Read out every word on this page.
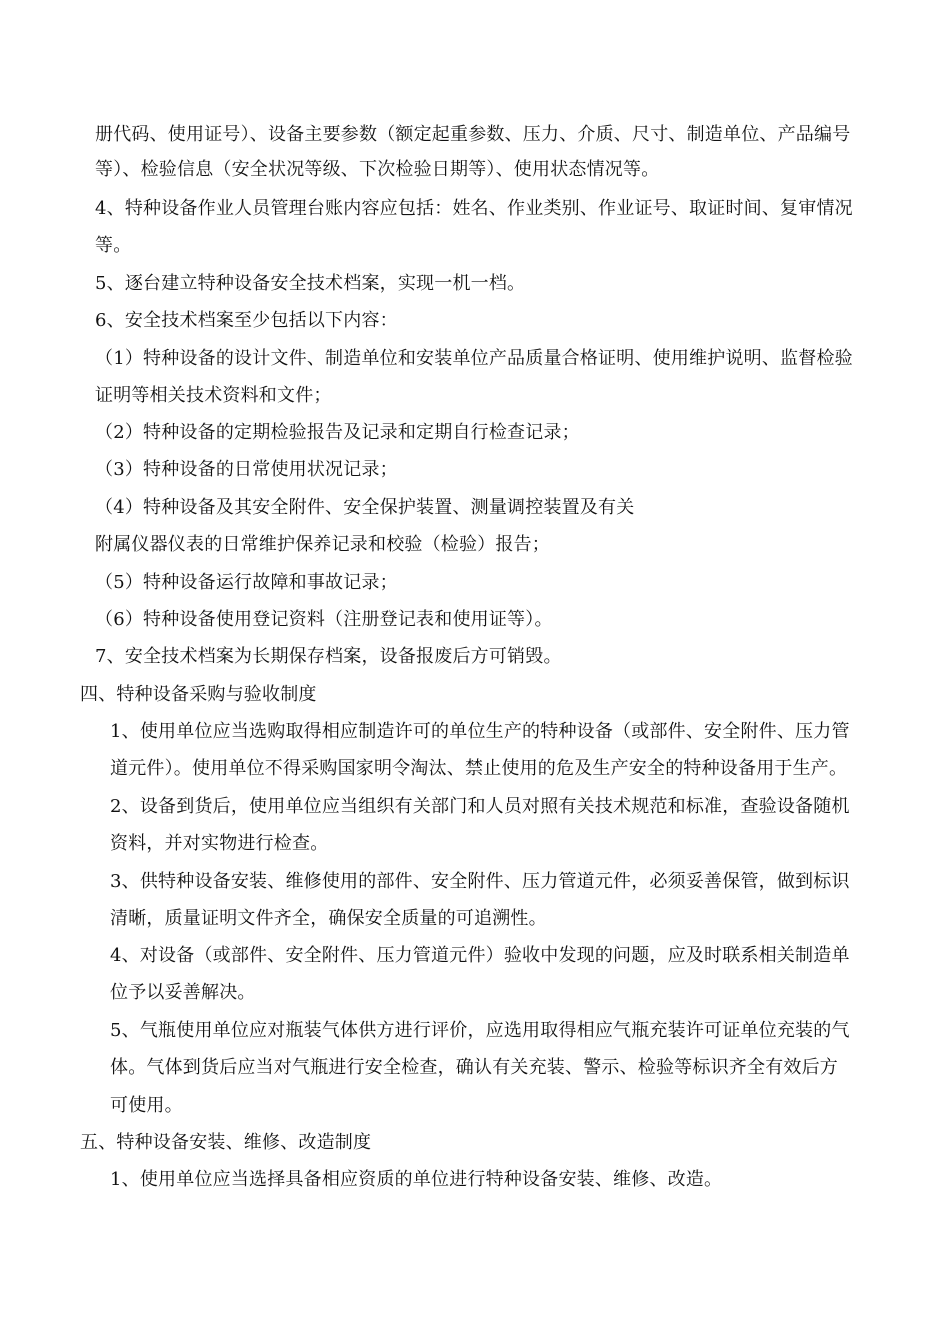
册代码、使用证号）、设备主要参数（额定起重参数、压力、介质、尺寸、制造单位、产品编号
等）、检验信息（安全状况等级、下次检验日期等）、使用状态情况等。
4、特种设备作业人员管理台账内容应包括：姓名、作业类别、作业证号、取证时间、复审情况
等。
5、逐台建立特种设备安全技术档案，实现一机一档。
6、安全技术档案至少包括以下内容：
（1）特种设备的设计文件、制造单位和安装单位产品质量合格证明、使用维护说明、监督检验
证明等相关技术资料和文件；
（2）特种设备的定期检验报告及记录和定期自行检查记录；
（3）特种设备的日常使用状况记录；
（4）特种设备及其安全附件、安全保护装置、测量调控装置及有关
附属仪器仪表的日常维护保养记录和校验（检验）报告；
（5）特种设备运行故障和事故记录；
（6）特种设备使用登记资料（注册登记表和使用证等）。
7、安全技术档案为长期保存档案，设备报废后方可销毁。
四、特种设备采购与验收制度
1、使用单位应当选购取得相应制造许可的单位生产的特种设备（或部件、安全附件、压力管
道元件）。使用单位不得采购国家明令淘汰、禁止使用的危及生产安全的特种设备用于生产。
2、设备到货后，使用单位应当组织有关部门和人员对照有关技术规范和标准，查验设备随机
资料，并对实物进行检查。
3、供特种设备安装、维修使用的部件、安全附件、压力管道元件，必须妥善保管，做到标识
清晰，质量证明文件齐全，确保安全质量的可追溯性。
4、对设备（或部件、安全附件、压力管道元件）验收中发现的问题，应及时联系相关制造单
位予以妥善解决。
5、气瓶使用单位应对瓶装气体供方进行评价，应选用取得相应气瓶充装许可证单位充装的气
体。气体到货后应当对气瓶进行安全检查，确认有关充装、警示、检验等标识齐全有效后方
可使用。
五、特种设备安装、维修、改造制度
1、使用单位应当选择具备相应资质的单位进行特种设备安装、维修、改造。
